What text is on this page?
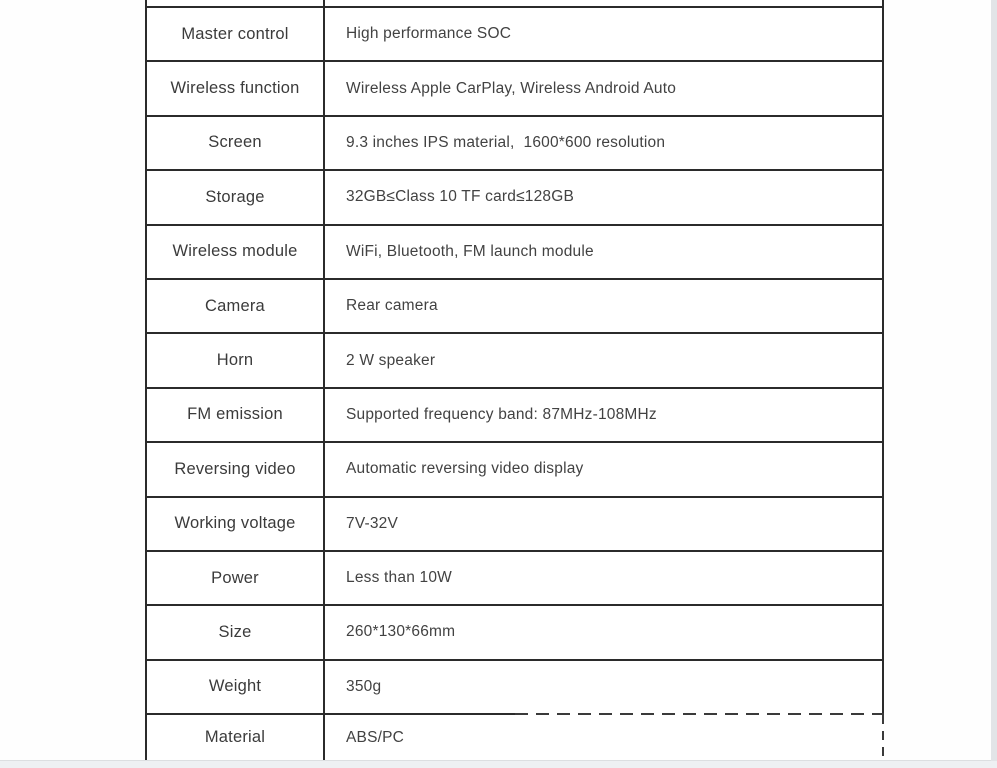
Master control	High performance SOC
Wireless function	Wireless Apple CarPlay, Wireless Android Auto
Screen	9.3 inches IPS material,  1600*600 resolution
Storage	32GB≤Class 10 TF card≤128GB
Wireless module	WiFi, Bluetooth, FM launch module
Camera	Rear camera
Horn	2 W speaker
FM emission	Supported frequency band: 87MHz-108MHz
Reversing video	Automatic reversing video display
Working voltage	7V-32V
Power	Less than 10W
Size	260*130*66mm
Weight	350g
Material	ABS/PC
